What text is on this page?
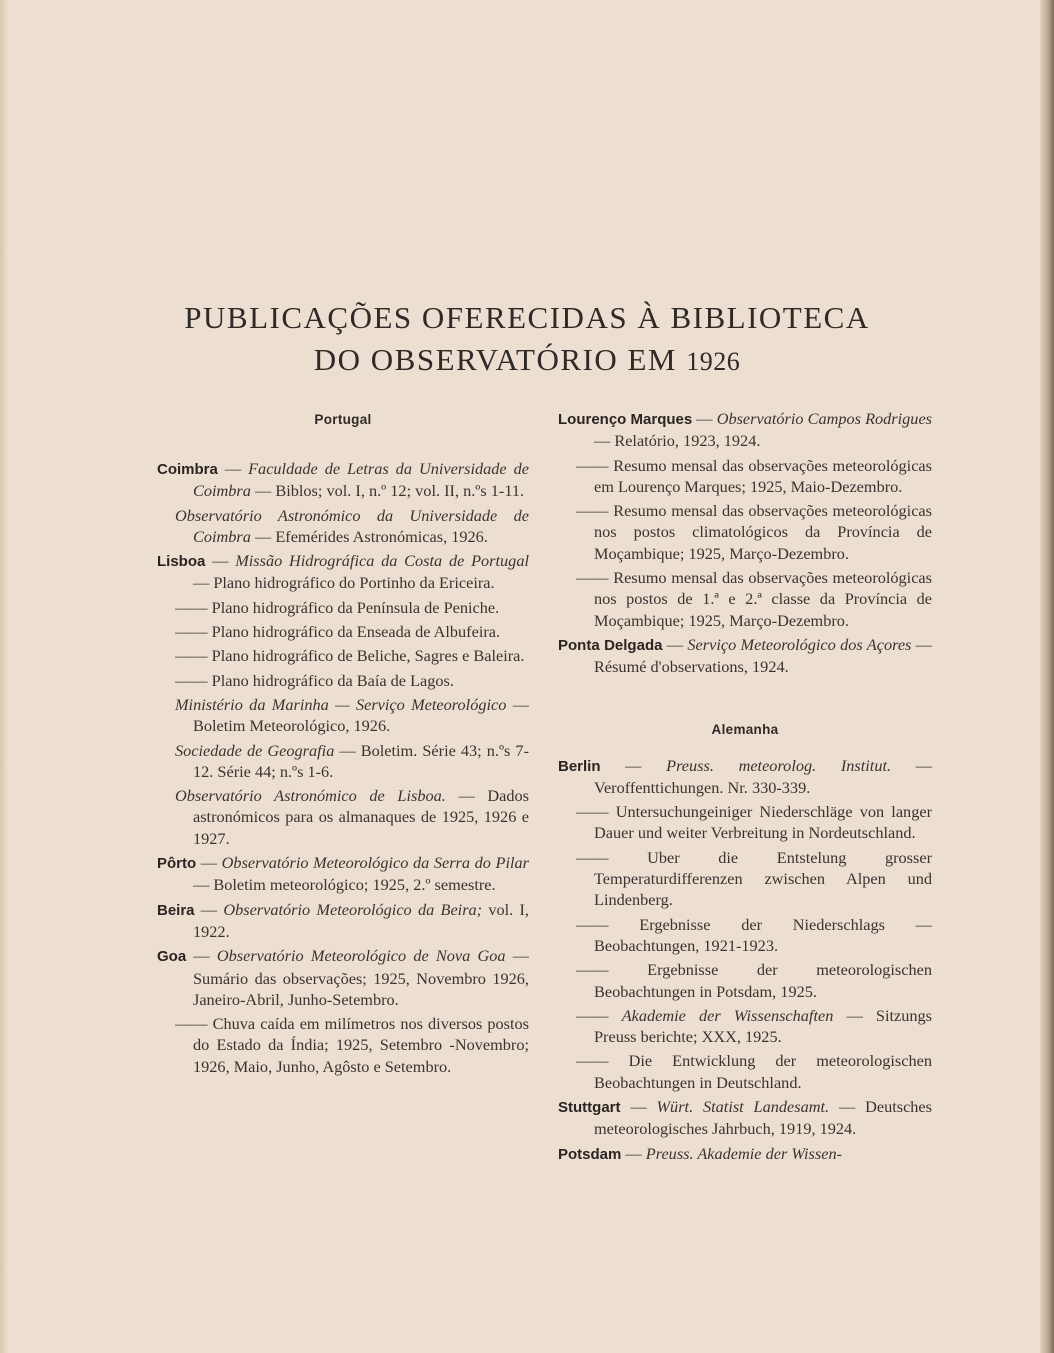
PUBLICAÇÕES OFERECIDAS À BIBLIOTECA
DO OBSERVATÓRIO EM 1926
Portugal

Coimbra — Faculdade de Letras da Universidade de Coimbra — Biblos; vol. I, n.º 12; vol. II, n.ºs 1-11.

Observatório Astronómico da Universidade de Coimbra — Efemérides Astronómicas, 1926.

Lisboa — Missão Hidrográfica da Costa de Portugal — Plano hidrográfico do Portinho da Ericeira.

—— Plano hidrográfico da Península de Peniche.

—— Plano hidrográfico da Enseada de Albufeira.

—— Plano hidrográfico de Beliche, Sagres e Baleira.

—— Plano hidrográfico da Baía de Lagos.

Ministério da Marinha — Serviço Meteorológico — Boletim Meteorológico, 1926.

Sociedade de Geografia — Boletim. Série 43; n.ºs 7-12. Série 44; n.ºs 1-6.

Observatório Astronómico de Lisboa. — Dados astronómicos para os almanaques de 1925, 1926 e 1927.

Pôrto — Observatório Meteorológico da Serra do Pilar — Boletim meteorológico; 1925, 2.º semestre.

Beira — Observatório Meteorológico da Beira; vol. I, 1922.

Goa — Observatório Meteorológico de Nova Goa — Sumário das observações; 1925, Novembro 1926, Janeiro-Abril, Junho-Setembro.

—— Chuva caída em milímetros nos diversos postos do Estado da Índia; 1925, Setembro -Novembro; 1926, Maio, Junho, Agôsto e Setembro.

Lourenço Marques — Observatório Campos Rodrigues — Relatório, 1923, 1924.

—— Resumo mensal das observações meteorológicas em Lourenço Marques; 1925, Maio-Dezembro.

—— Resumo mensal das observações meteorológicas nos postos climatológicos da Província de Moçambique; 1925, Março-Dezembro.

—— Resumo mensal das observações meteorológicas nos postos de 1.ª e 2.ª classe da Província de Moçambique; 1925, Março-Dezembro.

Ponta Delgada — Serviço Meteorológico dos Açores — Résumé d'observations, 1924.

Alemanha

Berlin — Preuss. meteorolog. Institut. — Veroffenttichungen. Nr. 330-339.

—— Untersuchungeiniger Niederschläge von langer Dauer und weiter Verbreitung in Nordeutschland.

—— Uber die Entstelung grosser Temperaturdifferenzen zwischen Alpen und Lindenberg.

—— Ergebnisse der Niederschlags — Beobachtungen, 1921-1923.

—— Ergebnisse der meteorologischen Beobachtungen in Potsdam, 1925.

—— Akademie der Wissenschaften — Sitzungs Preuss berichte; XXX, 1925.

—— Die Entwicklung der meteorologischen Beobachtungen in Deutschland.

Stuttgart — Würt. Statist Landesamt. — Deutsches meteorologisches Jahrbuch, 1919, 1924.

Potsdam — Preuss. Akademie der Wissen-
